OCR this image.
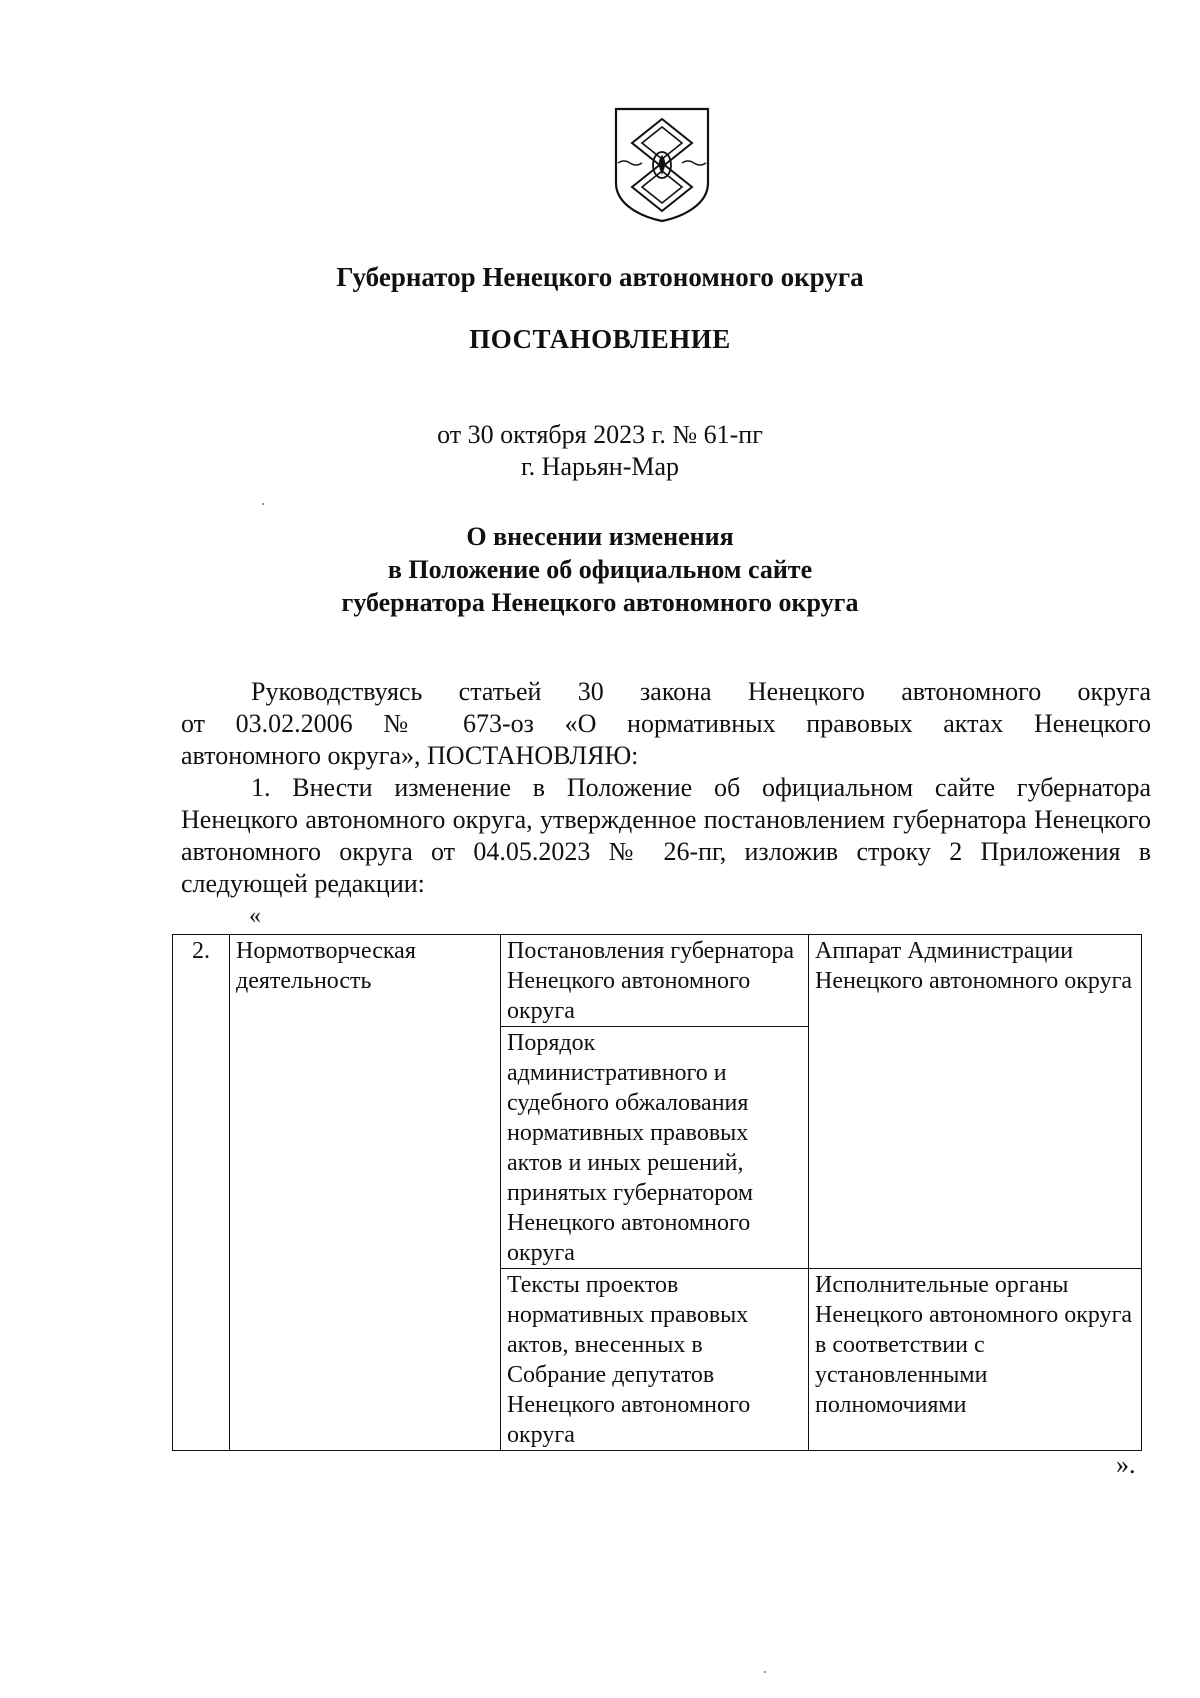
Губернатор Ненецкого автономного округа
ПОСТАНОВЛЕНИЕ
от 30 октября 2023 г. № 61-пг
г. Нарьян-Мар
О внесении изменения
в Положение об официальном сайте
губернатора Ненецкого автономного округа
Руководствуясь статьей 30 закона Ненецкого автономного округа
от 03.02.2006 № 673-оз «О нормативных правовых актах Ненецкого
автономного округа», ПОСТАНОВЛЯЮ:
1. Внести изменение в Положение об официальном сайте губернатора Ненецкого автономного округа, утвержденное постановлением губернатора Ненецкого автономного округа от 04.05.2023 № 26-пг, изложив строку 2 Приложения в следующей редакции:
«
2.	Нормотворческая деятельность	Постановления губернатора Ненецкого автономного округа	Аппарат Администрации Ненецкого автономного округа
		Порядок административного и судебного обжалования нормативных правовых актов и иных решений, принятых губернатором Ненецкого автономного округа	
		Тексты проектов нормативных правовых актов, внесенных в Собрание депутатов Ненецкого автономного округа	Исполнительные органы Ненецкого автономного округа в соответствии с установленными полномочиями
».
